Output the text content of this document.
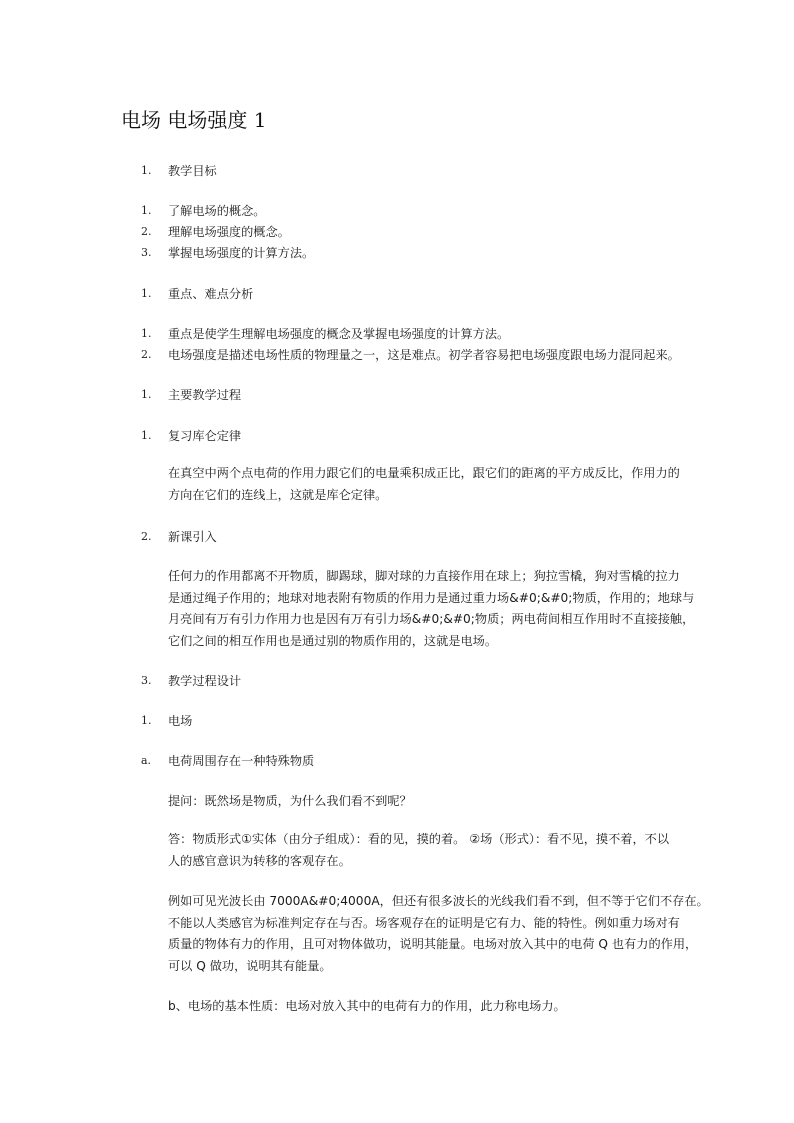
电场 电场强度 1
1. 教学目标
1. 了解电场的概念。
2. 理解电场强度的概念。
3. 掌握电场强度的计算方法。
1. 重点、难点分析
1. 重点是使学生理解电场强度的概念及掌握电场强度的计算方法。
2. 电场强度是描述电场性质的物理量之一，这是难点。初学者容易把电场强度跟电场力混同起来。
1. 主要教学过程
1. 复习库仑定律
在真空中两个点电荷的作用力跟它们的电量乘积成正比，跟它们的距离的平方成反比，作用力的
方向在它们的连线上，这就是库仑定律。
2. 新课引入
任何力的作用都离不开物质，脚踢球，脚对球的力直接作用在球上；狗拉雪橇，狗对雪橇的拉力
是通过绳子作用的；地球对地表附有物质的作用力是通过重力场&#0;&#0;物质，作用的；地球与
月亮间有万有引力作用力也是因有万有引力场&#0;&#0;物质；两电荷间相互作用时不直接接触，
它们之间的相互作用也是通过别的物质作用的，这就是电场。
3. 教学过程设计
1. 电场
a. 电荷周围存在一种特殊物质
提问：既然场是物质，为什么我们看不到呢？
答：物质形式①实体（由分子组成）：看的见，摸的着。 ②场（形式）：看不见，摸不着，不以
人的感官意识为转移的客观存在。
例如可见光波长由 7000A&#0;4000A，但还有很多波长的光线我们看不到，但不等于它们不存在。
不能以人类感官为标准判定存在与否。场客观存在的证明是它有力、能的特性。例如重力场对有
质量的物体有力的作用，且可对物体做功，说明其能量。电场对放入其中的电荷 Q 也有力的作用，
可以 Q 做功，说明其有能量。
b、电场的基本性质：电场对放入其中的电荷有力的作用，此力称电场力。
